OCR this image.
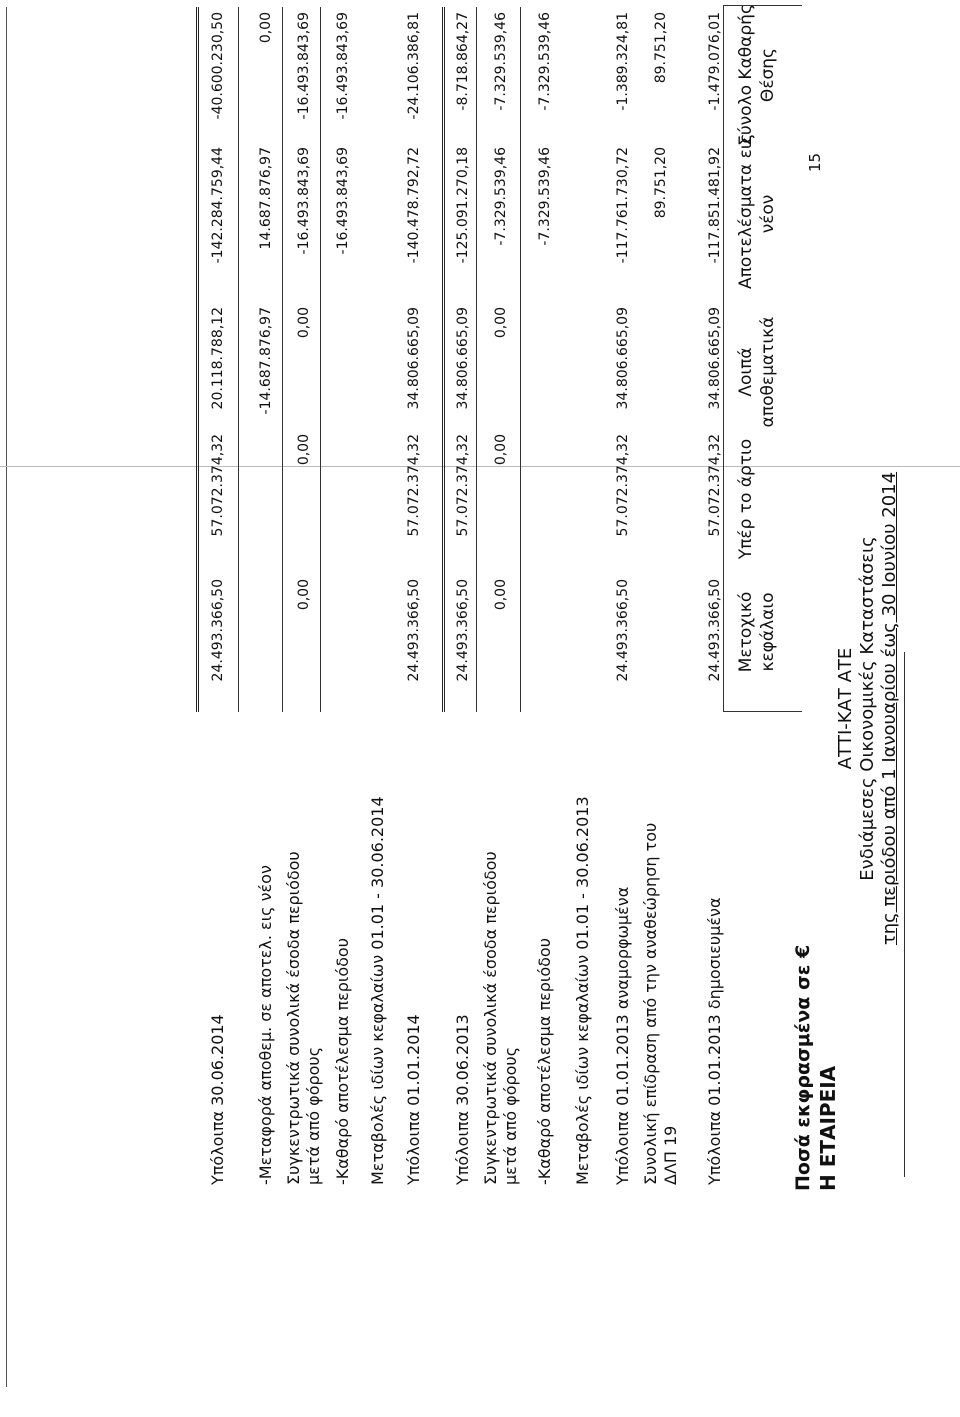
ΑΤΤΙ-ΚΑΤ ΑΤΕ Ενδιάμεσες Οικονομικές Καταστάσεις της περιόδου από 1 Ιανουαρίου έως 30 Ιουνίου 2014
Η ΕΤΑΙΡΕΙΑ
Ποσά εκφρασμένα σε €
Μετοχικό κεφάλαιο
Υπέρ το άρτιο
Λοιπά αποθεματικά
Αποτελέσματα εις νέον
Σύνολο Καθαρής Θέσης
Υπόλοιπα 01.01.2013 δημοσιευμένα
24.493.366,50
57.072.374,32
34.806.665,09
-117.851.481,92
-1.479.076,01
Συνολική επίδραση από την αναθεώρηση του ΔΛΠ 19
89.751,20
89.751,20
Υπόλοιπα 01.01.2013 αναμορφωμένα
24.493.366,50
57.072.374,32
34.806.665,09
-117.761.730,72
-1.389.324,81
Μεταβολές ιδίων κεφαλαίων 01.01 - 30.06.2013
-Καθαρό αποτέλεσμα περιόδου
-7.329.539,46
-7.329.539,46
Συγκεντρωτικά συνολικά έσοδα περιόδου μετά από φόρους
0,00
0,00
0,00
-7.329.539,46
-7.329.539,46
Υπόλοιπα 30.06.2013
24.493.366,50
57.072.374,32
34.806.665,09
-125.091.270,18
-8.718.864,27
Υπόλοιπα 01.01.2014
24.493.366,50
57.072.374,32
34.806.665,09
-140.478.792,72
-24.106.386,81
Μεταβολές ιδίων κεφαλαίων 01.01 - 30.06.2014
-Καθαρό αποτέλεσμα περιόδου
-16.493.843,69
-16.493.843,69
Συγκεντρωτικά συνολικά έσοδα περιόδου μετά από φόρους
0,00
0,00
0,00
-16.493.843,69
-16.493.843,69
-Μεταφορά αποθεμ. σε αποτελ. εις νέον
-14.687.876,97
14.687.876,97
0,00
Υπόλοιπα 30.06.2014
24.493.366,50
57.072.374,32
20.118.788,12
-142.284.759,44
-40.600.230,50
15
